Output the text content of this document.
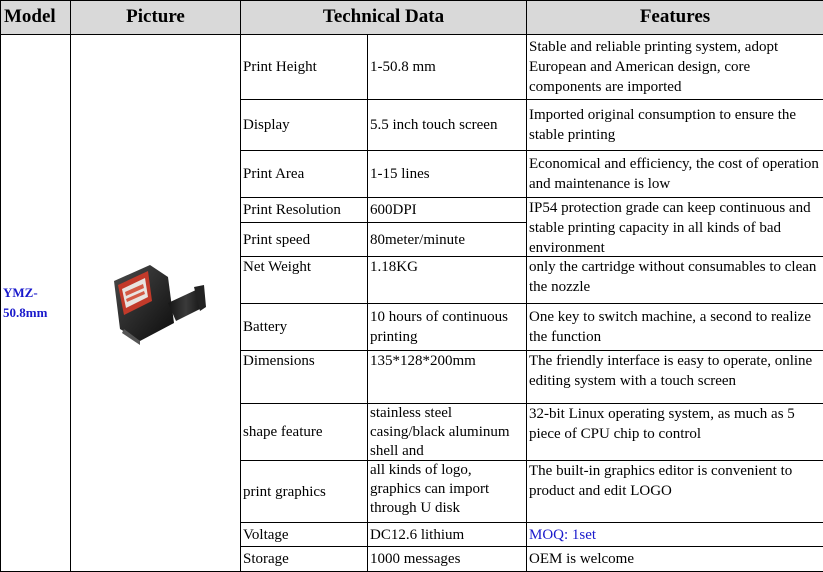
Model	Picture	Technical Data		Features
YMZ-
50.8mm		Print Height	1-50.8 mm	Stable and reliable printing system, adopt European and American design, core components are imported
		Display	5.5 inch touch screen	Imported original consumption to ensure the stable printing
		Print Area	1-15 lines	Economical and efficiency, the cost of operation and maintenance is low
		Print Resolution	600DPI	IP54 protection grade can keep continuous and stable printing capacity in all kinds of bad environment

		Print speed	80meter/minute	
		Net Weight	1.18KG	only the cartridge without consumables to clean the nozzle
		Battery	10 hours of continuous printing	One key to switch machine, a second to realize the function
		Dimensions	135*128*200mm	The friendly interface is easy to operate, online editing system with a touch screen
		shape feature	stainless steel casing/black aluminum shell and	32-bit Linux operating system, as much as 5 piece of CPU chip to control
		print graphics	all kinds of logo, graphics can import through U disk	The built-in graphics editor is convenient to product and edit LOGO
		Voltage	DC12.6 lithium	MOQ: 1set
		Storage	1000 messages	OEM is welcome
